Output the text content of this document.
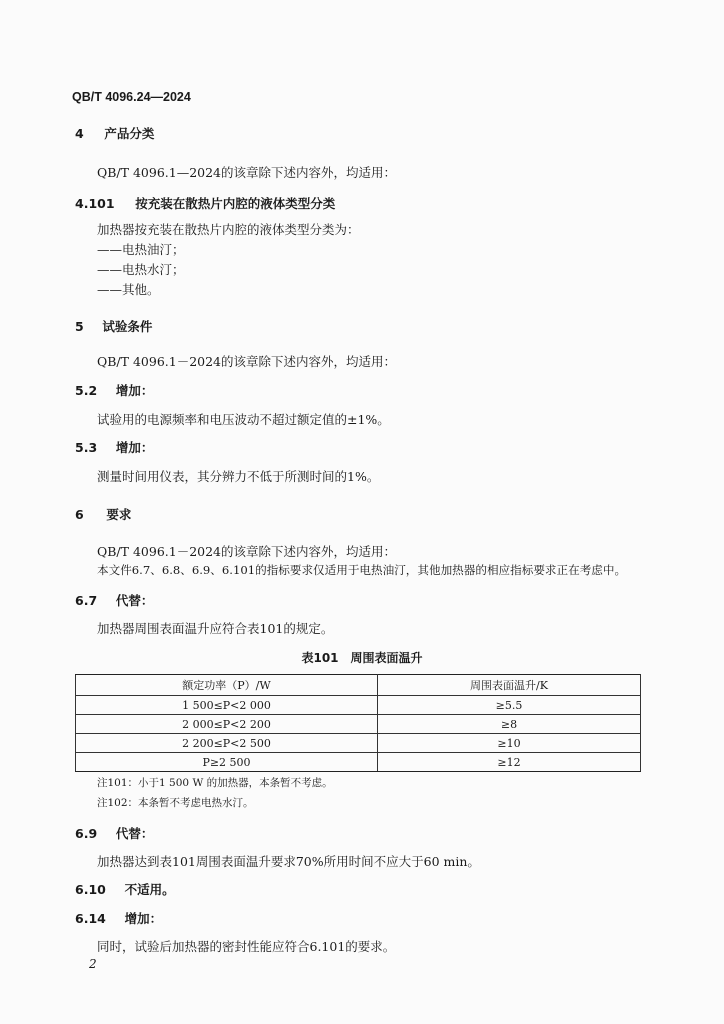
QB/T 4096.24—2024
4 产品分类
QB/T 4096.1—2024的该章除下述内容外，均适用：
4.101 按充装在散热片内腔的液体类型分类
加热器按充装在散热片内腔的液体类型分类为：
——电热油汀；
——电热水汀；
——其他。
5 试验条件
QB/T 4096.1－2024的该章除下述内容外，均适用：
5.2 增加：
试验用的电源频率和电压波动不超过额定值的±1%。
5.3 增加：
测量时间用仪表，其分辨力不低于所测时间的1%。
6 要求
QB/T 4096.1－2024的该章除下述内容外，均适用：
本文件6.7、6.8、6.9、6.101的指标要求仅适用于电热油汀，其他加热器的相应指标要求正在考虑中。
6.7 代替：
加热器周围表面温升应符合表101的规定。
表101　周围表面温升
额定功率（P）/W	周围表面温升/K
1 500≤P<2 000	≥5.5
2 000≤P<2 200	≥8
2 200≤P<2 500	≥10
P≥2 500	≥12
注101：小于1 500 W 的加热器，本条暂不考虑。
注102：本条暂不考虑电热水汀。
6.9 代替：
加热器达到表101周围表面温升要求70%所用时间不应大于60 min。
6.10 不适用。
6.14 增加：
同时，试验后加热器的密封性能应符合6.101的要求。
2
